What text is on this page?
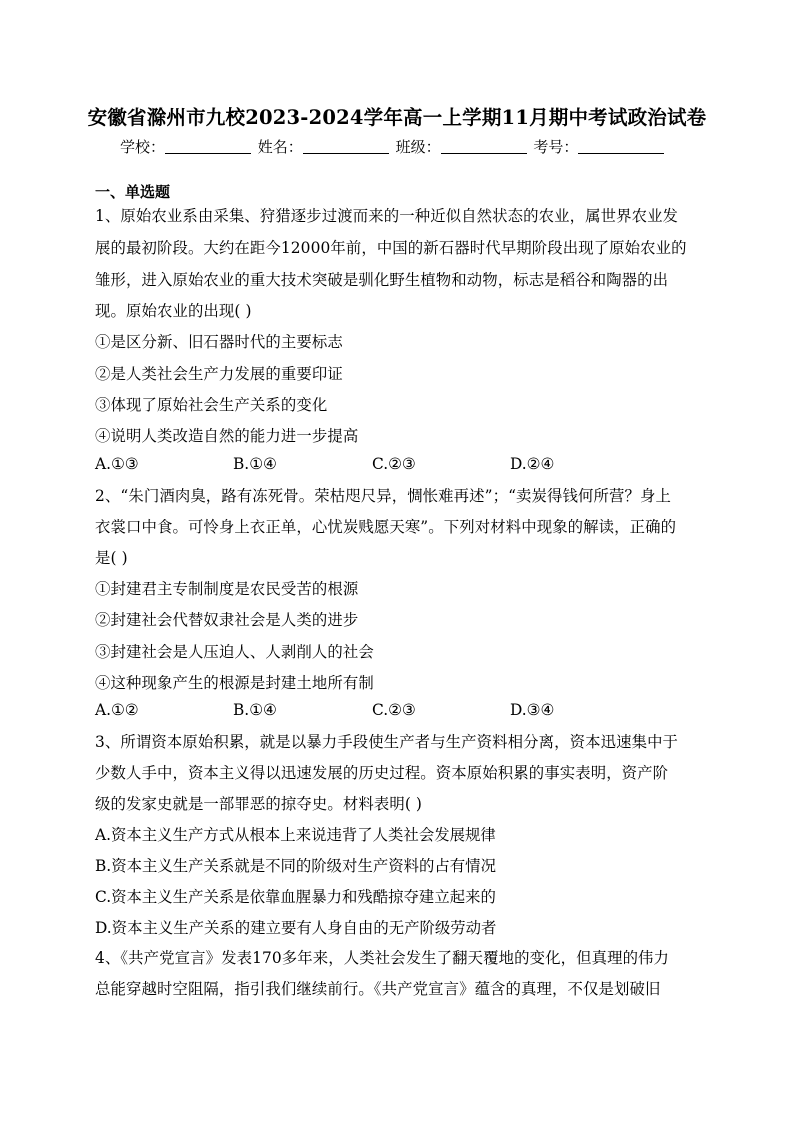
安徽省滁州市九校2023-2024学年高一上学期11月期中考试政治试卷
学校：	姓名：	班级：	考号：
一、单选题
1、原始农业系由采集、狩猎逐步过渡而来的一种近似自然状态的农业，属世界农业发
展的最初阶段。大约在距今12000年前，中国的新石器时代早期阶段出现了原始农业的
雏形，进入原始农业的重大技术突破是驯化野生植物和动物，标志是稻谷和陶器的出
现。原始农业的出现( )
①是区分新、旧石器时代的主要标志
②是人类社会生产力发展的重要印证
③体现了原始社会生产关系的变化
④说明人类改造自然的能力进一步提高
A.①③	B.①④	C.②③	D.②④
2、“朱门酒肉臭，路有冻死骨。荣枯咫尺异，惆怅难再述”；“卖炭得钱何所营？身上
衣裳口中食。可怜身上衣正单，心忧炭贱愿天寒”。下列对材料中现象的解读，正确的
是( )
①封建君主专制制度是农民受苦的根源
②封建社会代替奴隶社会是人类的进步
③封建社会是人压迫人、人剥削人的社会
④这种现象产生的根源是封建土地所有制
A.①②	B.①④	C.②③	D.③④
3、所谓资本原始积累，就是以暴力手段使生产者与生产资料相分离，资本迅速集中于
少数人手中，资本主义得以迅速发展的历史过程。资本原始积累的事实表明，资产阶
级的发家史就是一部罪恶的掠夺史。材料表明( )
A.资本主义生产方式从根本上来说违背了人类社会发展规律
B.资本主义生产关系就是不同的阶级对生产资料的占有情况
C.资本主义生产关系是依靠血腥暴力和残酷掠夺建立起来的
D.资本主义生产关系的建立要有人身自由的无产阶级劳动者
4、《共产党宣言》发表170多年来，人类社会发生了翻天覆地的变化，但真理的伟力
总能穿越时空阻隔，指引我们继续前行。《共产党宣言》蕴含的真理，不仅是划破旧
